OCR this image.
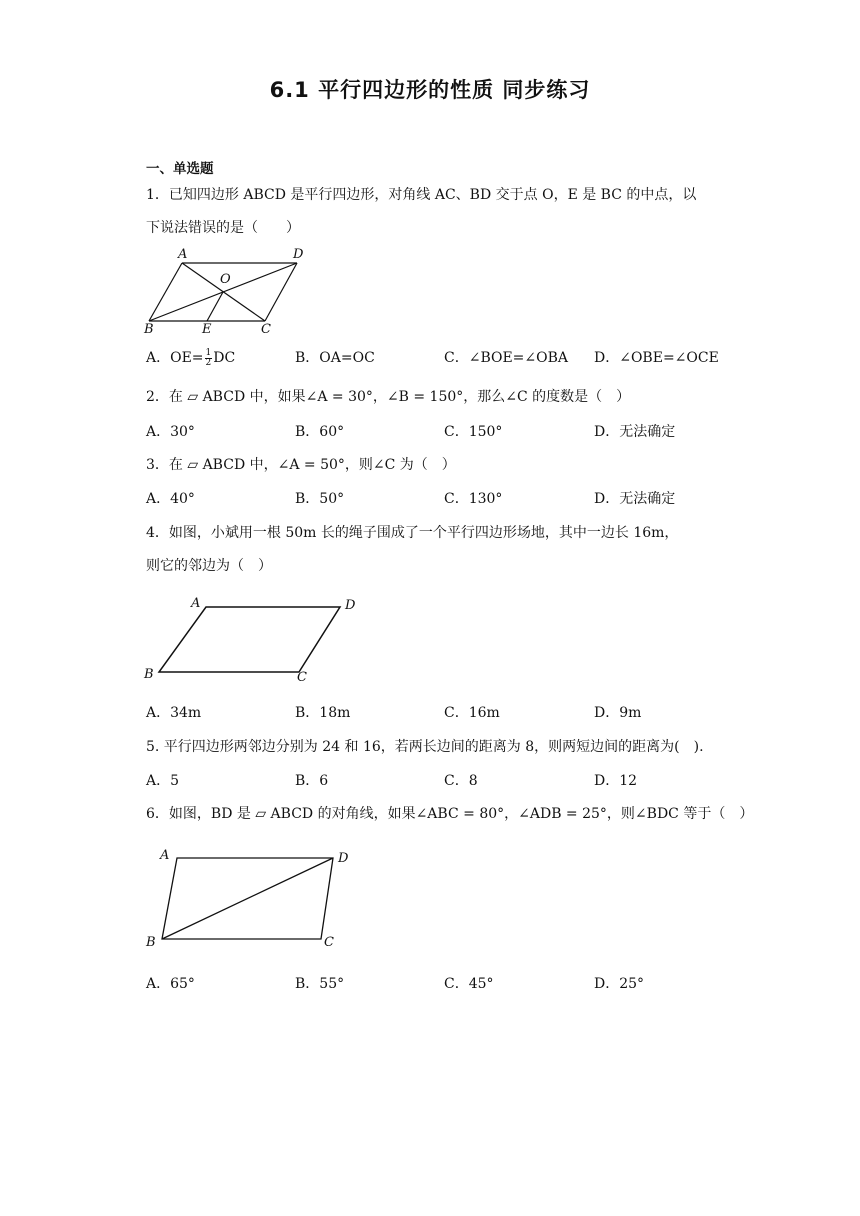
6.1 平行四边形的性质 同步练习
一、单选题
1．已知四边形 ABCD 是平行四边形，对角线 AC、BD 交于点 O，E 是 BC 的中点，以
下说法错误的是（　　）
A	D
O
B	E	C
A．$OE= \frac{1}{2}$ DC	B．OA=OC	C．∠BOE=∠OBA D．∠OBE=∠OCE
2．在 ▱ ABCD 中，如果∠A = 30°，∠B = 150°，那么∠C 的度数是（　）
A．30°	B．60°	C．150°	D．无法确定
3．在 ▱ ABCD 中，∠A = 50°，则∠C 为（　）
A．40°	B．50°	C．130°	D．无法确定
4．如图，小斌用一根 50m 长的绳子围成了一个平行四边形场地，其中一边长 16m，
则它的邻边为（　）
A	D
B	C
A．34m	B．18m	C．16m	D．9m
5. 平行四边形两邻边分别为 24 和 16，若两长边间的距离为 8，则两短边间的距离为(　).
A．5	B．6	C．8	D．12
6．如图，BD 是 ▱ ABCD 的对角线，如果∠ABC = 80°，∠ADB = 25°，则∠BDC 等于（　）
A	D
B	C
A．65°	B．55°	C．45°	D．25°
